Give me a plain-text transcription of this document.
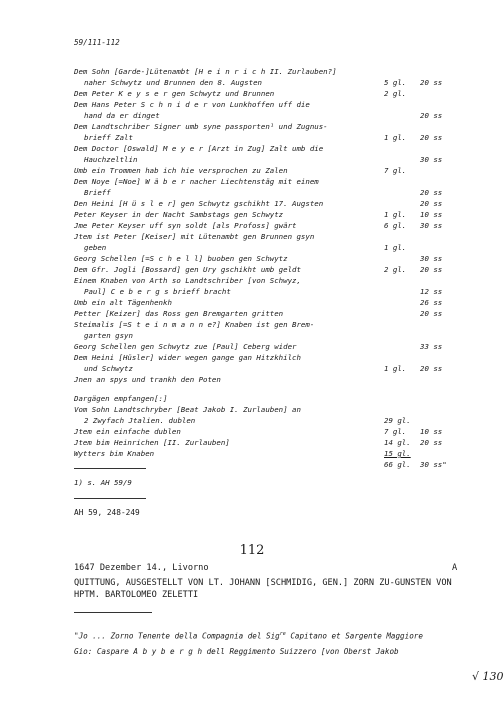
59/111-112
Dem Sohn [Garde-]Lütenambt [H e i n r i c h II. Zurlauben?]
naher Schwytz und Brunnen den 8. Augsten	5 gl.	20 ss
Dem Peter K e y s e r gen Schwytz und Brunnen	2 gl.
Dem Hans Peter S c h n i d e r von Lunkhoffen uff die
hand da er dinget	20 ss
Dem Landtschriber Signer umb syne passporten¹ und Zugnus-
brieff Zalt	1 gl.	20 ss
Dem Doctor [Oswald] M e y e r [Arzt in Zug] Zalt umb die
Hauchzeltlin	30 ss
Umb ein Trommen hab ich hie versprochen zu Zalen	7 gl.
Dem Noye [=Noe] W ä b e r nacher Liechtenstäg mit einem
Brieff	20 ss
Den Heini [H ü s l e r] gen Schwytz gschikht 17. Augsten	20 ss
Peter Keyser in der Nacht Sambstags gen Schwytz	1 gl.	10 ss
Jme Peter Keyser uff syn soldt [als Profoss] gwärt	6 gl.	30 ss
Jtem ist Peter [Keiser] mit Lütenambt gen Brunnen gsyn
geben	1 gl.
Georg Schellen [=S c h e l l] buoben gen Schwytz	30 ss
Dem Gfr. Jogli [Bossard] gen Ury gschikht umb geldt	2 gl.	20 ss
Einem Knaben von Arth so Landtschriber [von Schwyz,
Paul] C e b e r g s brieff bracht	12 ss
Umb ein alt Tägenhenkh	26 ss
Petter [Keizer] das Ross gen Bremgarten gritten	20 ss
Steimalis [=S t e i n m a n n e?] Knaben ist gen Brem-
garten gsyn
Georg Schellen gen Schwytz zue [Paul] Ceberg wider	33 ss
Dem Heini [Hüsler] wider wegen gange gan Hitzkhilch
und Schwytz	1 gl.	20 ss
Jnen an spys und trankh den Poten
Dargägen empfangen[:]
Vom Sohn Landtschryber [Beat Jakob I. Zurlauben] an
2 Zwyfach Jtalien. dublen	29 gl.
Jtem ein einfache dublen	7 gl.	10 ss
Jtem bim Heinrichen [II. Zurlauben]	14 gl.	20 ss
Wytters bim Knaben	15 gl.
66 gl.	30 ss"
1) s. AH 59/9
AH 59, 248-249
112
1647 Dezember 14., Livorno	A
QUITTUNG, AUSGESTELLT VON LT. JOHANN [SCHMIDIG, GEN.] ZORN ZU-GUNSTEN VON HPTM. BARTOLOMEO ZELETTI
"Jo ... Zorno Tenente della Compagnia del Sig$^{re}$ Capitano et Sargente Maggiore
Gio: Caspare A b y b e r g h dell Reggimento Suizzero [von Oberst Jakob
√ 130
